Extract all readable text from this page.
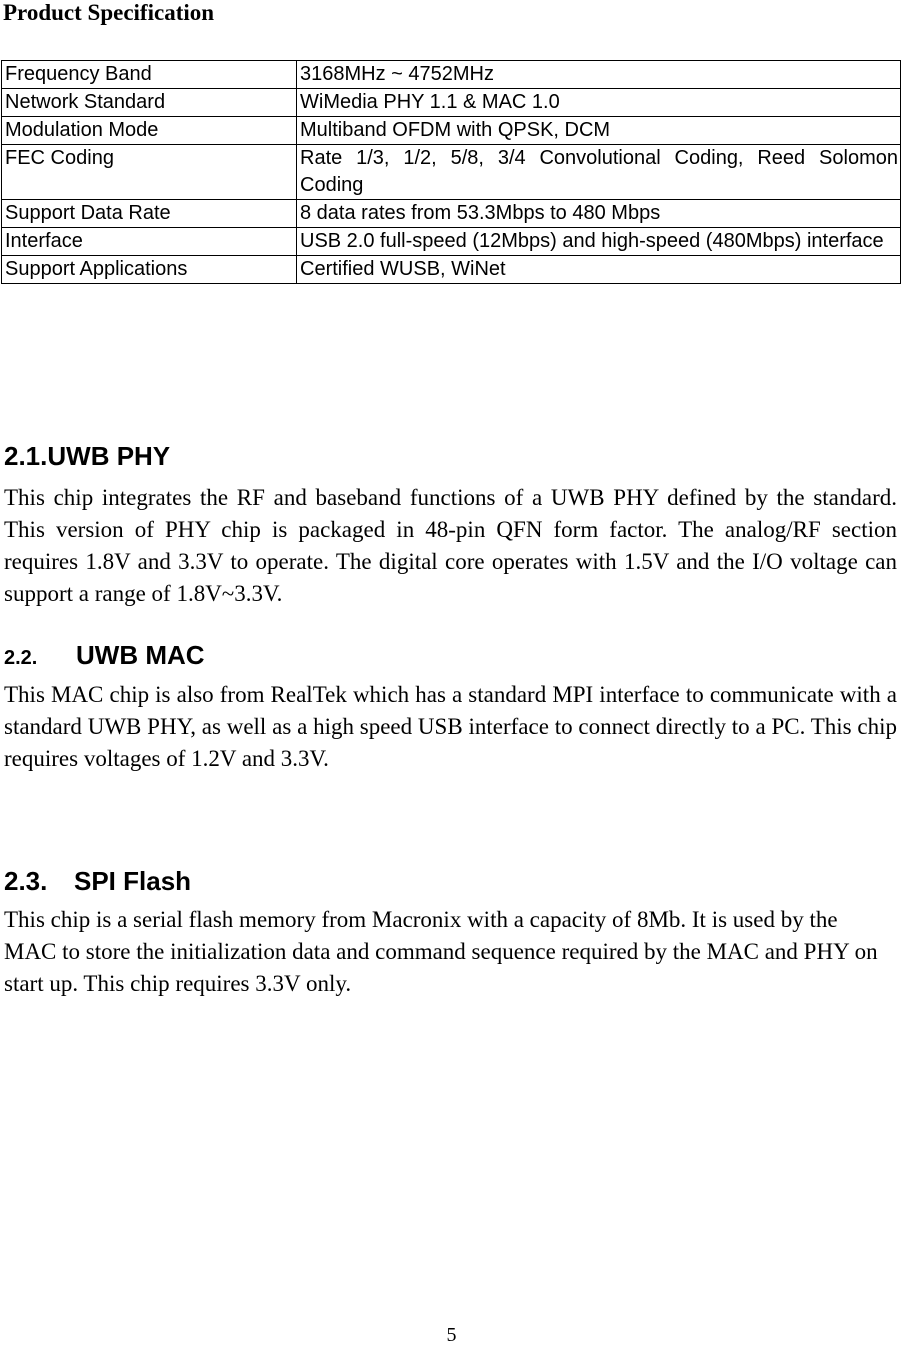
Product Specification
Frequency Band	3168MHz ~ 4752MHz
Network Standard	WiMedia PHY 1.1 & MAC 1.0
Modulation Mode	Multiband OFDM with QPSK, DCM
FEC Coding	Rate 1/3, 1/2, 5/8, 3/4 Convolutional Coding, Reed Solomon Coding
Support Data Rate	8 data rates from 53.3Mbps to 480 Mbps
Interface	USB 2.0 full-speed (12Mbps) and high-speed (480Mbps) interface
Support Applications	Certified WUSB, WiNet
2.1.UWB PHY

This chip integrates the RF and baseband functions of a UWB PHY defined by the standard. This version of PHY chip is packaged in 48-pin QFN form factor. The analog/RF section requires 1.8V and 3.3V to operate. The digital core operates with 1.5V and the I/O voltage can support a range of 1.8V~3.3V.

2.2. UWB MAC

This MAC chip is also from RealTek which has a standard MPI interface to communicate with a standard UWB PHY, as well as a high speed USB interface to connect directly to a PC. This chip requires voltages of 1.2V and 3.3V.

2.3. SPI Flash

This chip is a serial flash memory from Macronix with a capacity of 8Mb. It is used by the MAC to store the initialization data and command sequence required by the MAC and PHY on start up. This chip requires 3.3V only.

5
